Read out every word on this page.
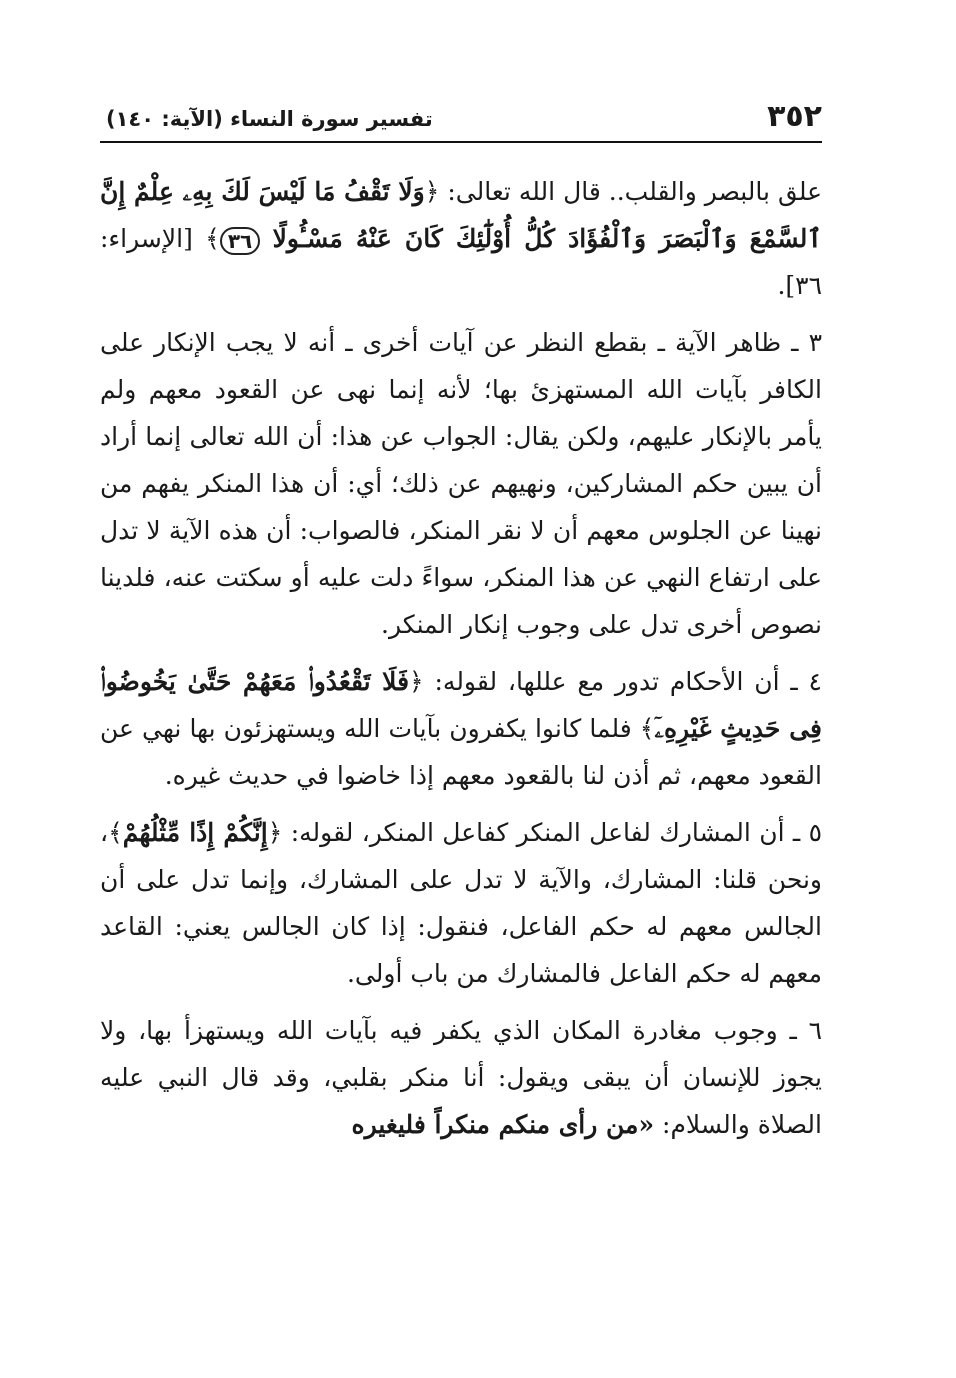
٣٥٢
تفسير سورة النساء (الآية: ١٤٠)

علق بالبصر والقلب.. قال الله تعالى: ﴿وَلَا تَقْفُ مَا لَيْسَ لَكَ بِهِۦ عِلْمٌ إِنَّ ٱلسَّمْعَ وَٱلْبَصَرَ وَٱلْفُؤَادَ كُلُّ أُوْلَٰٓئِكَ كَانَ عَنْهُ مَسْـُٔولًا ٣٦﴾ [الإسراء: ٣٦].

٣ ـ ظاهر الآية ـ بقطع النظر عن آيات أخرى ـ أنه لا يجب الإنكار على الكافر بآيات الله المستهزئ بها؛ لأنه إنما نهى عن القعود معهم ولم يأمر بالإنكار عليهم، ولكن يقال: الجواب عن هذا: أن الله تعالى إنما أراد أن يبين حكم المشاركين، ونهيهم عن ذلك؛ أي: أن هذا المنكر يفهم من نهينا عن الجلوس معهم أن لا نقر المنكر، فالصواب: أن هذه الآية لا تدل على ارتفاع النهي عن هذا المنكر، سواءً دلت عليه أو سكتت عنه، فلدينا نصوص أخرى تدل على وجوب إنكار المنكر.

٤ ـ أن الأحكام تدور مع عللها، لقوله: ﴿فَلَا تَقْعُدُوا۟ مَعَهُمْ حَتَّىٰ يَخُوضُوا۟ فِى حَدِيثٍ غَيْرِهِۦٓ﴾ فلما كانوا يكفرون بآيات الله ويستهزئون بها نهي عن القعود معهم، ثم أذن لنا بالقعود معهم إذا خاضوا في حديث غيره.

٥ ـ أن المشارك لفاعل المنكر كفاعل المنكر، لقوله: ﴿إِنَّكُمْ إِذًا مِّثْلُهُمْ﴾، ونحن قلنا: المشارك، والآية لا تدل على المشارك، وإنما تدل على أن الجالس معهم له حكم الفاعل، فنقول: إذا كان الجالس يعني: القاعد معهم له حكم الفاعل فالمشارك من باب أولى.

٦ ـ وجوب مغادرة المكان الذي يكفر فيه بآيات الله ويستهزأ بها، ولا يجوز للإنسان أن يبقى ويقول: أنا منكر بقلبي، وقد قال النبي عليه الصلاة والسلام: «من رأى منكم منكراً فليغيره
